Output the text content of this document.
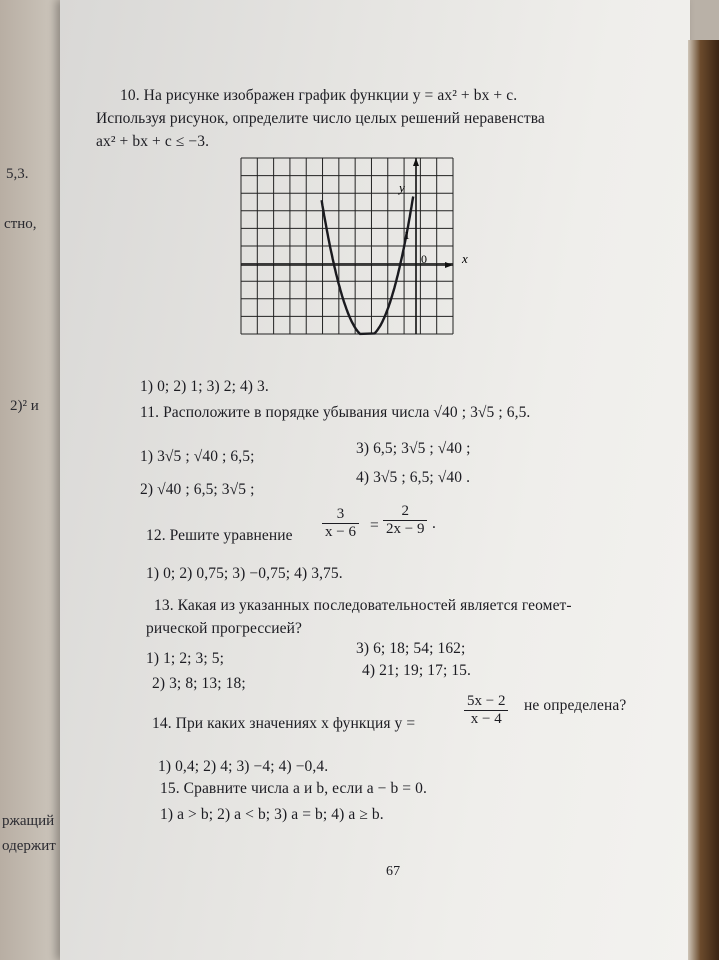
5,3.
стно,
2)² и
ржащий
одержит
10. На рисунке изображен график функции y = ax² + bx + c.
Используя рисунок, определите число целых решений неравенства
ax² + bx + c ≤ −3.
y
x
1
0
1) 0; 2) 1; 3) 2; 4) 3.
11. Расположите в порядке убывания числа √40 ; 3√5 ; 6,5.
1) 3√5 ; √40 ; 6,5;
2) √40 ; 6,5; 3√5 ;
3) 6,5; 3√5 ; √40 ;
4) 3√5 ; 6,5; √40 .
12. Решите уравнение $\frac{3}{x - 6} = \frac{2}{2x - 9}$ .
1) 0; 2) 0,75; 3) −0,75; 4) 3,75.
13. Какая из указанных последовательностей является геомет-
рической прогрессией?
1) 1; 2; 3; 5;
2) 3; 8; 13; 18;
3) 6; 18; 54; 162;
4) 21; 19; 17; 15.
14. При каких значениях x функция y =	$\frac{5x - 2}{x - 4}$ не определена?
1) 0,4; 2) 4; 3) −4; 4) −0,4.
15. Сравните числа a и b, если a − b = 0.
1) a > b; 2) a < b; 3) a = b; 4) a ≥ b.
67
